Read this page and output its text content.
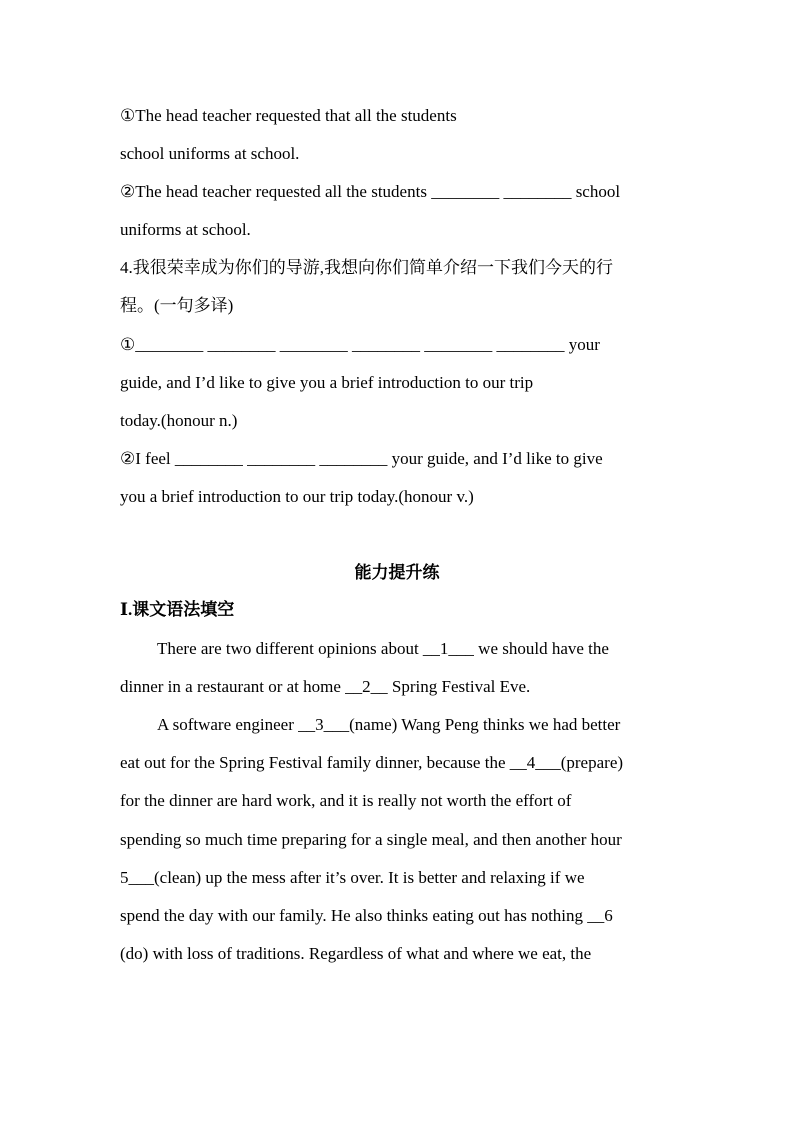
①The head teacher requested that all the students
school uniforms at school.
②The head teacher requested all the students ________ ________ school
uniforms at school.
4.我很荣幸成为你们的导游,我想向你们简单介绍一下我们今天的行
程。(一句多译)
①________ ________ ________ ________ ________ ________ your
guide, and I’d like to give you a brief introduction to our trip
today.(honour n.)
②I feel ________ ________ ________ your guide, and I’d like to give
you a brief introduction to our trip today.(honour v.)
能力提升练
Ⅰ.课文语法填空
There are two different opinions about __1___ we should have the
dinner in a restaurant or at home __2__ Spring Festival Eve.
A software engineer __3___(name) Wang Peng thinks we had better
eat out for the Spring Festival family dinner, because the __4___(prepare)
for the dinner are hard work, and it is really not worth the effort of
spending so much time preparing for a single meal, and then another hour
5___(clean) up the mess after it’s over. It is better and relaxing if we
spend the day with our family. He also thinks eating out has nothing __6
(do) with loss of traditions. Regardless of what and where we eat, the
